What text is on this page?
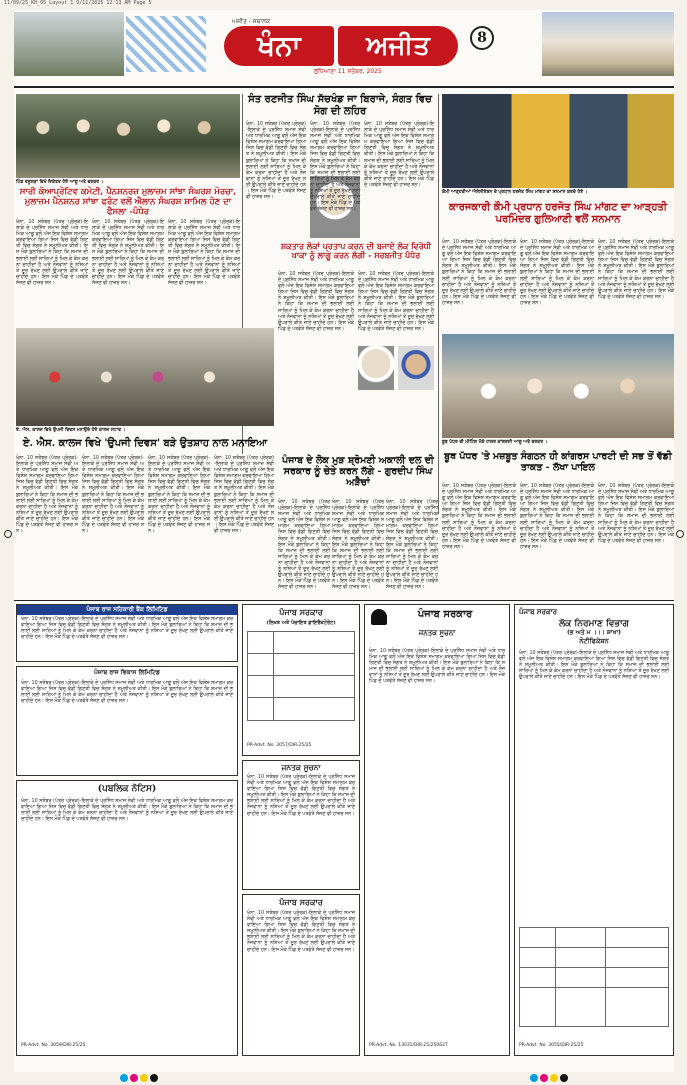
11/09/25_KH_05_Layout 1 9/11/2025 12:13 AM Page 5
ਅਜੀਤ - ਸਥਾਨਕ
ਖੰਨਾ	ਅਜੀਤ
ਲੁਧਿਆਣਾ 11 ਸਤੰਬਰ, 2025
8
ਪਿੰਡ ਰਸੂਲੜਾ ਵਿਖੇ ਇਕੱਤਰ ਹੋਏ ਆਗੂ ਅਤੇ ਵਰਕਰ ।
ਸੰਤ ਰਣਜੀਤ ਸਿੰਘ ਸੱਚਖੰਡ ਜਾ ਬਿਰਾਜੇ, ਸੰਗਤ ਵਿਚ ਸੋਗ ਦੀ ਲਹਿਰ
ਖੰਨਾ, 10 ਸਤੰਬਰ (ਪੱਤਰ ਪ੍ਰੇਰਕ)-ਇਲਾਕੇ ਦੇ ਪ੍ਰਸਿੱਧ ਸਮਾਜ ਸੇਵੀ ਅਤੇ ਧਾਰਮਿਕ ਆਗੂ ਵਲੋਂ ਅੱਜ ਇਕ ਵਿਸ਼ੇਸ਼ ਸਮਾਗਮ ਕਰਵਾਇਆ ਗਿਆ ਜਿਸ ਵਿਚ ਵੱਡੀ ਗਿਣਤੀ ਵਿਚ ਸੰਗਤ ਨੇ ਸ਼ਮੂਲੀਅਤ ਕੀਤੀ। ਇਸ ਮੌਕੇ ਬੁਲਾਰਿਆਂ ਨੇ ਕਿਹਾ ਕਿ ਸਮਾਜ ਦੀ ਭਲਾਈ ਲਈ ਸਾਰਿਆਂ ਨੂੰ ਮਿਲ ਕੇ ਕੰਮ ਕਰਨਾ ਚਾਹੀਦਾ ਹੈ ਅਤੇ ਨੌਜਵਾਨਾਂ ਨੂੰ ਨਸ਼ਿਆਂ ਤੋਂ ਦੂਰ ਰੱਖਣ ਲਈ ਉਪਰਾਲੇ ਕੀਤੇ ਜਾਣੇ ਚਾਹੀਦੇ ਹਨ। ਇਸ ਮੌਕੇ ਪਿੰਡ ਦੇ ਪਤਵੰਤੇ ਸੱਜਣ ਵੀ ਹਾਜ਼ਰ ਸਨ।
ਖੰਨਾ, 10 ਸਤੰਬਰ (ਪੱਤਰ ਪ੍ਰੇਰਕ)-ਇਲਾਕੇ ਦੇ ਪ੍ਰਸਿੱਧ ਸਮਾਜ ਸੇਵੀ ਅਤੇ ਧਾਰਮਿਕ ਆਗੂ ਵਲੋਂ ਅੱਜ ਇਕ ਵਿਸ਼ੇਸ਼ ਸਮਾਗਮ ਕਰਵਾਇਆ ਗਿਆ ਜਿਸ ਵਿਚ ਵੱਡੀ ਗਿਣਤੀ ਵਿਚ ਸੰਗਤ ਨੇ ਸ਼ਮੂਲੀਅਤ ਕੀਤੀ। ਇਸ ਮੌਕੇ ਬੁਲਾਰਿਆਂ ਨੇ ਕਿਹਾ ਕਿ ਸਮਾਜ ਦੀ ਭਲਾਈ ਲਈ ਸਾਰਿਆਂ ਨੂੰ ਮਿਲ ਕੇ ਕੰਮ ਕਰਨਾ ਚਾਹੀਦਾ ਹੈ ਅਤੇ ਨੌਜਵਾਨਾਂ ਨੂੰ ਨਸ਼ਿਆਂ ਤੋਂ ਦੂਰ ਰੱਖਣ ਲਈ ਉਪਰਾਲੇ ਕੀਤੇ ਜਾਣੇ ਚਾਹੀਦੇ ਹਨ। ਇਸ ਮੌਕੇ ਪਿੰਡ ਦੇ ਪਤਵੰਤੇ ਸੱਜਣ ਵੀ ਹਾਜ਼ਰ ਸਨ।
ਖੰਨਾ, 10 ਸਤੰਬਰ (ਪੱਤਰ ਪ੍ਰੇਰਕ)-ਇਲਾਕੇ ਦੇ ਪ੍ਰਸਿੱਧ ਸਮਾਜ ਸੇਵੀ ਅਤੇ ਧਾਰਮਿਕ ਆਗੂ ਵਲੋਂ ਅੱਜ ਇਕ ਵਿਸ਼ੇਸ਼ ਸਮਾਗਮ ਕਰਵਾਇਆ ਗਿਆ ਜਿਸ ਵਿਚ ਵੱਡੀ ਗਿਣਤੀ ਵਿਚ ਸੰਗਤ ਨੇ ਸ਼ਮੂਲੀਅਤ ਕੀਤੀ। ਇਸ ਮੌਕੇ ਬੁਲਾਰਿਆਂ ਨੇ ਕਿਹਾ ਕਿ ਸਮਾਜ ਦੀ ਭਲਾਈ ਲਈ ਸਾਰਿਆਂ ਨੂੰ ਮਿਲ ਕੇ ਕੰਮ ਕਰਨਾ ਚਾਹੀਦਾ ਹੈ ਅਤੇ ਨੌਜਵਾਨਾਂ ਨੂੰ ਨਸ਼ਿਆਂ ਤੋਂ ਦੂਰ ਰੱਖਣ ਲਈ ਉਪਰਾਲੇ ਕੀਤੇ ਜਾਣੇ ਚਾਹੀਦੇ ਹਨ। ਇਸ ਮੌਕੇ ਪਿੰਡ ਦੇ ਪਤਵੰਤੇ ਸੱਜਣ ਵੀ ਹਾਜ਼ਰ ਸਨ।
ਸਾਰੀ ਕੋਆਪ੍ਰੇਟਿਵ ਕਮੇਟੀ, ਪੈਨਸ਼ਨਰਜ਼ ਮੁਲਾਜ਼ਮ ਸਾਂਝਾ ਸੰਘਰਸ਼ ਮੋਰਚਾ, ਮੁਲਾਜ਼ਮ ਪੈਨਸ਼ਨਰ ਸਾਂਝਾ ਫਰੰਟ ਵਲੋਂ ਐਲਾਨ ਸੰਘਰਸ਼ ਸ਼ਾਮਿਲ ਹੋਣ ਦਾ ਫੈਸਲਾ -ਪੰਧੇਰ
ਖੰਨਾ, 10 ਸਤੰਬਰ (ਪੱਤਰ ਪ੍ਰੇਰਕ)-ਇਲਾਕੇ ਦੇ ਪ੍ਰਸਿੱਧ ਸਮਾਜ ਸੇਵੀ ਅਤੇ ਧਾਰਮਿਕ ਆਗੂ ਵਲੋਂ ਅੱਜ ਇਕ ਵਿਸ਼ੇਸ਼ ਸਮਾਗਮ ਕਰਵਾਇਆ ਗਿਆ ਜਿਸ ਵਿਚ ਵੱਡੀ ਗਿਣਤੀ ਵਿਚ ਸੰਗਤ ਨੇ ਸ਼ਮੂਲੀਅਤ ਕੀਤੀ। ਇਸ ਮੌਕੇ ਬੁਲਾਰਿਆਂ ਨੇ ਕਿਹਾ ਕਿ ਸਮਾਜ ਦੀ ਭਲਾਈ ਲਈ ਸਾਰਿਆਂ ਨੂੰ ਮਿਲ ਕੇ ਕੰਮ ਕਰਨਾ ਚਾਹੀਦਾ ਹੈ ਅਤੇ ਨੌਜਵਾਨਾਂ ਨੂੰ ਨਸ਼ਿਆਂ ਤੋਂ ਦੂਰ ਰੱਖਣ ਲਈ ਉਪਰਾਲੇ ਕੀਤੇ ਜਾਣੇ ਚਾਹੀਦੇ ਹਨ। ਇਸ ਮੌਕੇ ਪਿੰਡ ਦੇ ਪਤਵੰਤੇ ਸੱਜਣ ਵੀ ਹਾਜ਼ਰ ਸਨ।
ਖੰਨਾ, 10 ਸਤੰਬਰ (ਪੱਤਰ ਪ੍ਰੇਰਕ)-ਇਲਾਕੇ ਦੇ ਪ੍ਰਸਿੱਧ ਸਮਾਜ ਸੇਵੀ ਅਤੇ ਧਾਰਮਿਕ ਆਗੂ ਵਲੋਂ ਅੱਜ ਇਕ ਵਿਸ਼ੇਸ਼ ਸਮਾਗਮ ਕਰਵਾਇਆ ਗਿਆ ਜਿਸ ਵਿਚ ਵੱਡੀ ਗਿਣਤੀ ਵਿਚ ਸੰਗਤ ਨੇ ਸ਼ਮੂਲੀਅਤ ਕੀਤੀ। ਇਸ ਮੌਕੇ ਬੁਲਾਰਿਆਂ ਨੇ ਕਿਹਾ ਕਿ ਸਮਾਜ ਦੀ ਭਲਾਈ ਲਈ ਸਾਰਿਆਂ ਨੂੰ ਮਿਲ ਕੇ ਕੰਮ ਕਰਨਾ ਚਾਹੀਦਾ ਹੈ ਅਤੇ ਨੌਜਵਾਨਾਂ ਨੂੰ ਨਸ਼ਿਆਂ ਤੋਂ ਦੂਰ ਰੱਖਣ ਲਈ ਉਪਰਾਲੇ ਕੀਤੇ ਜਾਣੇ ਚਾਹੀਦੇ ਹਨ। ਇਸ ਮੌਕੇ ਪਿੰਡ ਦੇ ਪਤਵੰਤੇ ਸੱਜਣ ਵੀ ਹਾਜ਼ਰ ਸਨ।
ਖੰਨਾ, 10 ਸਤੰਬਰ (ਪੱਤਰ ਪ੍ਰੇਰਕ)-ਇਲਾਕੇ ਦੇ ਪ੍ਰਸਿੱਧ ਸਮਾਜ ਸੇਵੀ ਅਤੇ ਧਾਰਮਿਕ ਆਗੂ ਵਲੋਂ ਅੱਜ ਇਕ ਵਿਸ਼ੇਸ਼ ਸਮਾਗਮ ਕਰਵਾਇਆ ਗਿਆ ਜਿਸ ਵਿਚ ਵੱਡੀ ਗਿਣਤੀ ਵਿਚ ਸੰਗਤ ਨੇ ਸ਼ਮੂਲੀਅਤ ਕੀਤੀ। ਇਸ ਮੌਕੇ ਬੁਲਾਰਿਆਂ ਨੇ ਕਿਹਾ ਕਿ ਸਮਾਜ ਦੀ ਭਲਾਈ ਲਈ ਸਾਰਿਆਂ ਨੂੰ ਮਿਲ ਕੇ ਕੰਮ ਕਰਨਾ ਚਾਹੀਦਾ ਹੈ ਅਤੇ ਨੌਜਵਾਨਾਂ ਨੂੰ ਨਸ਼ਿਆਂ ਤੋਂ ਦੂਰ ਰੱਖਣ ਲਈ ਉਪਰਾਲੇ ਕੀਤੇ ਜਾਣੇ ਚਾਹੀਦੇ ਹਨ। ਇਸ ਮੌਕੇ ਪਿੰਡ ਦੇ ਪਤਵੰਤੇ ਸੱਜਣ ਵੀ ਹਾਜ਼ਰ ਸਨ।
ਏ. ਐਸ. ਕਾਲਜ ਵਿਖੇ ਉਪਜੀ ਦਿਵਸ ਮਨਾਉਂਦੇ ਹੋਏ ਕਾਲਜ ਸਟਾਫ ।
ਸ਼ਕਤਾਰ ਲੋਕਾਂ ਪ੍ਰਤਾਪ ਕਰਨ ਦੀ ਬਜਾਏ ਲੋਕ ਵਿਰੋਧੀ ਖਾਕਾ ਨੂੰ ਲਾਗੂ ਕਰਨ ਲੱਗੀ - ਸਰਬਜੀਤ ਪੰਧੇਰ
ਖੰਨਾ, 10 ਸਤੰਬਰ (ਪੱਤਰ ਪ੍ਰੇਰਕ)-ਇਲਾਕੇ ਦੇ ਪ੍ਰਸਿੱਧ ਸਮਾਜ ਸੇਵੀ ਅਤੇ ਧਾਰਮਿਕ ਆਗੂ ਵਲੋਂ ਅੱਜ ਇਕ ਵਿਸ਼ੇਸ਼ ਸਮਾਗਮ ਕਰਵਾਇਆ ਗਿਆ ਜਿਸ ਵਿਚ ਵੱਡੀ ਗਿਣਤੀ ਵਿਚ ਸੰਗਤ ਨੇ ਸ਼ਮੂਲੀਅਤ ਕੀਤੀ। ਇਸ ਮੌਕੇ ਬੁਲਾਰਿਆਂ ਨੇ ਕਿਹਾ ਕਿ ਸਮਾਜ ਦੀ ਭਲਾਈ ਲਈ ਸਾਰਿਆਂ ਨੂੰ ਮਿਲ ਕੇ ਕੰਮ ਕਰਨਾ ਚਾਹੀਦਾ ਹੈ ਅਤੇ ਨੌਜਵਾਨਾਂ ਨੂੰ ਨਸ਼ਿਆਂ ਤੋਂ ਦੂਰ ਰੱਖਣ ਲਈ ਉਪਰਾਲੇ ਕੀਤੇ ਜਾਣੇ ਚਾਹੀਦੇ ਹਨ। ਇਸ ਮੌਕੇ ਪਿੰਡ ਦੇ ਪਤਵੰਤੇ ਸੱਜਣ ਵੀ ਹਾਜ਼ਰ ਸਨ।
ਖੰਨਾ, 10 ਸਤੰਬਰ (ਪੱਤਰ ਪ੍ਰੇਰਕ)-ਇਲਾਕੇ ਦੇ ਪ੍ਰਸਿੱਧ ਸਮਾਜ ਸੇਵੀ ਅਤੇ ਧਾਰਮਿਕ ਆਗੂ ਵਲੋਂ ਅੱਜ ਇਕ ਵਿਸ਼ੇਸ਼ ਸਮਾਗਮ ਕਰਵਾਇਆ ਗਿਆ ਜਿਸ ਵਿਚ ਵੱਡੀ ਗਿਣਤੀ ਵਿਚ ਸੰਗਤ ਨੇ ਸ਼ਮੂਲੀਅਤ ਕੀਤੀ। ਇਸ ਮੌਕੇ ਬੁਲਾਰਿਆਂ ਨੇ ਕਿਹਾ ਕਿ ਸਮਾਜ ਦੀ ਭਲਾਈ ਲਈ ਸਾਰਿਆਂ ਨੂੰ ਮਿਲ ਕੇ ਕੰਮ ਕਰਨਾ ਚਾਹੀਦਾ ਹੈ ਅਤੇ ਨੌਜਵਾਨਾਂ ਨੂੰ ਨਸ਼ਿਆਂ ਤੋਂ ਦੂਰ ਰੱਖਣ ਲਈ ਉਪਰਾਲੇ ਕੀਤੇ ਜਾਣੇ ਚਾਹੀਦੇ ਹਨ। ਇਸ ਮੌਕੇ ਪਿੰਡ ਦੇ ਪਤਵੰਤੇ ਸੱਜਣ ਵੀ ਹਾਜ਼ਰ ਸਨ।
ਕੌਮੀ ਆੜ੍ਹਤੀਆਂ ਐਸੋਸੀਏਸ਼ਨ ਦੇ ਪ੍ਰਧਾਨ ਹਰਜੋਤ ਸਿੰਘ ਮਾਂਗਟ ਦਾ ਸਨਮਾਨ ਕਰਦੇ ਹੋਏ ।
ਕਾਰਜਕਾਰੀ ਕੌਮੀ ਪ੍ਰਧਾਨ ਹਰਜੋਤ ਸਿੰਘ ਮਾਂਗਟ ਦਾ ਆੜ੍ਹਤੀ ਪਰਮਿੰਦਰ ਗੁਲਿਆਣੀ ਵਲੋਂ ਸਨਮਾਨ
ਖੰਨਾ, 10 ਸਤੰਬਰ (ਪੱਤਰ ਪ੍ਰੇਰਕ)-ਇਲਾਕੇ ਦੇ ਪ੍ਰਸਿੱਧ ਸਮਾਜ ਸੇਵੀ ਅਤੇ ਧਾਰਮਿਕ ਆਗੂ ਵਲੋਂ ਅੱਜ ਇਕ ਵਿਸ਼ੇਸ਼ ਸਮਾਗਮ ਕਰਵਾਇਆ ਗਿਆ ਜਿਸ ਵਿਚ ਵੱਡੀ ਗਿਣਤੀ ਵਿਚ ਸੰਗਤ ਨੇ ਸ਼ਮੂਲੀਅਤ ਕੀਤੀ। ਇਸ ਮੌਕੇ ਬੁਲਾਰਿਆਂ ਨੇ ਕਿਹਾ ਕਿ ਸਮਾਜ ਦੀ ਭਲਾਈ ਲਈ ਸਾਰਿਆਂ ਨੂੰ ਮਿਲ ਕੇ ਕੰਮ ਕਰਨਾ ਚਾਹੀਦਾ ਹੈ ਅਤੇ ਨੌਜਵਾਨਾਂ ਨੂੰ ਨਸ਼ਿਆਂ ਤੋਂ ਦੂਰ ਰੱਖਣ ਲਈ ਉਪਰਾਲੇ ਕੀਤੇ ਜਾਣੇ ਚਾਹੀਦੇ ਹਨ। ਇਸ ਮੌਕੇ ਪਿੰਡ ਦੇ ਪਤਵੰਤੇ ਸੱਜਣ ਵੀ ਹਾਜ਼ਰ ਸਨ।
ਖੰਨਾ, 10 ਸਤੰਬਰ (ਪੱਤਰ ਪ੍ਰੇਰਕ)-ਇਲਾਕੇ ਦੇ ਪ੍ਰਸਿੱਧ ਸਮਾਜ ਸੇਵੀ ਅਤੇ ਧਾਰਮਿਕ ਆਗੂ ਵਲੋਂ ਅੱਜ ਇਕ ਵਿਸ਼ੇਸ਼ ਸਮਾਗਮ ਕਰਵਾਇਆ ਗਿਆ ਜਿਸ ਵਿਚ ਵੱਡੀ ਗਿਣਤੀ ਵਿਚ ਸੰਗਤ ਨੇ ਸ਼ਮੂਲੀਅਤ ਕੀਤੀ। ਇਸ ਮੌਕੇ ਬੁਲਾਰਿਆਂ ਨੇ ਕਿਹਾ ਕਿ ਸਮਾਜ ਦੀ ਭਲਾਈ ਲਈ ਸਾਰਿਆਂ ਨੂੰ ਮਿਲ ਕੇ ਕੰਮ ਕਰਨਾ ਚਾਹੀਦਾ ਹੈ ਅਤੇ ਨੌਜਵਾਨਾਂ ਨੂੰ ਨਸ਼ਿਆਂ ਤੋਂ ਦੂਰ ਰੱਖਣ ਲਈ ਉਪਰਾਲੇ ਕੀਤੇ ਜਾਣੇ ਚਾਹੀਦੇ ਹਨ। ਇਸ ਮੌਕੇ ਪਿੰਡ ਦੇ ਪਤਵੰਤੇ ਸੱਜਣ ਵੀ ਹਾਜ਼ਰ ਸਨ।
ਖੰਨਾ, 10 ਸਤੰਬਰ (ਪੱਤਰ ਪ੍ਰੇਰਕ)-ਇਲਾਕੇ ਦੇ ਪ੍ਰਸਿੱਧ ਸਮਾਜ ਸੇਵੀ ਅਤੇ ਧਾਰਮਿਕ ਆਗੂ ਵਲੋਂ ਅੱਜ ਇਕ ਵਿਸ਼ੇਸ਼ ਸਮਾਗਮ ਕਰਵਾਇਆ ਗਿਆ ਜਿਸ ਵਿਚ ਵੱਡੀ ਗਿਣਤੀ ਵਿਚ ਸੰਗਤ ਨੇ ਸ਼ਮੂਲੀਅਤ ਕੀਤੀ। ਇਸ ਮੌਕੇ ਬੁਲਾਰਿਆਂ ਨੇ ਕਿਹਾ ਕਿ ਸਮਾਜ ਦੀ ਭਲਾਈ ਲਈ ਸਾਰਿਆਂ ਨੂੰ ਮਿਲ ਕੇ ਕੰਮ ਕਰਨਾ ਚਾਹੀਦਾ ਹੈ ਅਤੇ ਨੌਜਵਾਨਾਂ ਨੂੰ ਨਸ਼ਿਆਂ ਤੋਂ ਦੂਰ ਰੱਖਣ ਲਈ ਉਪਰਾਲੇ ਕੀਤੇ ਜਾਣੇ ਚਾਹੀਦੇ ਹਨ। ਇਸ ਮੌਕੇ ਪਿੰਡ ਦੇ ਪਤਵੰਤੇ ਸੱਜਣ ਵੀ ਹਾਜ਼ਰ ਸਨ।
ਬੂਥ ਪੱਧਰ ਦੀ ਮੀਟਿੰਗ ਮੌਕੇ ਹਾਜ਼ਰ ਕਾਂਗਰਸੀ ਆਗੂ ਅਤੇ ਵਰਕਰ ।
ਏ. ਐਸ. ਕਾਲਜ ਵਿਖੇ 'ਉਪਜੀ ਦਿਵਸ' ਬੜੇ ਉਤਸ਼ਾਹ ਨਾਲ ਮਨਾਇਆ
ਖੰਨਾ, 10 ਸਤੰਬਰ (ਪੱਤਰ ਪ੍ਰੇਰਕ)-ਇਲਾਕੇ ਦੇ ਪ੍ਰਸਿੱਧ ਸਮਾਜ ਸੇਵੀ ਅਤੇ ਧਾਰਮਿਕ ਆਗੂ ਵਲੋਂ ਅੱਜ ਇਕ ਵਿਸ਼ੇਸ਼ ਸਮਾਗਮ ਕਰਵਾਇਆ ਗਿਆ ਜਿਸ ਵਿਚ ਵੱਡੀ ਗਿਣਤੀ ਵਿਚ ਸੰਗਤ ਨੇ ਸ਼ਮੂਲੀਅਤ ਕੀਤੀ। ਇਸ ਮੌਕੇ ਬੁਲਾਰਿਆਂ ਨੇ ਕਿਹਾ ਕਿ ਸਮਾਜ ਦੀ ਭਲਾਈ ਲਈ ਸਾਰਿਆਂ ਨੂੰ ਮਿਲ ਕੇ ਕੰਮ ਕਰਨਾ ਚਾਹੀਦਾ ਹੈ ਅਤੇ ਨੌਜਵਾਨਾਂ ਨੂੰ ਨਸ਼ਿਆਂ ਤੋਂ ਦੂਰ ਰੱਖਣ ਲਈ ਉਪਰਾਲੇ ਕੀਤੇ ਜਾਣੇ ਚਾਹੀਦੇ ਹਨ। ਇਸ ਮੌਕੇ ਪਿੰਡ ਦੇ ਪਤਵੰਤੇ ਸੱਜਣ ਵੀ ਹਾਜ਼ਰ ਸਨ।
ਖੰਨਾ, 10 ਸਤੰਬਰ (ਪੱਤਰ ਪ੍ਰੇਰਕ)-ਇਲਾਕੇ ਦੇ ਪ੍ਰਸਿੱਧ ਸਮਾਜ ਸੇਵੀ ਅਤੇ ਧਾਰਮਿਕ ਆਗੂ ਵਲੋਂ ਅੱਜ ਇਕ ਵਿਸ਼ੇਸ਼ ਸਮਾਗਮ ਕਰਵਾਇਆ ਗਿਆ ਜਿਸ ਵਿਚ ਵੱਡੀ ਗਿਣਤੀ ਵਿਚ ਸੰਗਤ ਨੇ ਸ਼ਮੂਲੀਅਤ ਕੀਤੀ। ਇਸ ਮੌਕੇ ਬੁਲਾਰਿਆਂ ਨੇ ਕਿਹਾ ਕਿ ਸਮਾਜ ਦੀ ਭਲਾਈ ਲਈ ਸਾਰਿਆਂ ਨੂੰ ਮਿਲ ਕੇ ਕੰਮ ਕਰਨਾ ਚਾਹੀਦਾ ਹੈ ਅਤੇ ਨੌਜਵਾਨਾਂ ਨੂੰ ਨਸ਼ਿਆਂ ਤੋਂ ਦੂਰ ਰੱਖਣ ਲਈ ਉਪਰਾਲੇ ਕੀਤੇ ਜਾਣੇ ਚਾਹੀਦੇ ਹਨ। ਇਸ ਮੌਕੇ ਪਿੰਡ ਦੇ ਪਤਵੰਤੇ ਸੱਜਣ ਵੀ ਹਾਜ਼ਰ ਸਨ।
ਖੰਨਾ, 10 ਸਤੰਬਰ (ਪੱਤਰ ਪ੍ਰੇਰਕ)-ਇਲਾਕੇ ਦੇ ਪ੍ਰਸਿੱਧ ਸਮਾਜ ਸੇਵੀ ਅਤੇ ਧਾਰਮਿਕ ਆਗੂ ਵਲੋਂ ਅੱਜ ਇਕ ਵਿਸ਼ੇਸ਼ ਸਮਾਗਮ ਕਰਵਾਇਆ ਗਿਆ ਜਿਸ ਵਿਚ ਵੱਡੀ ਗਿਣਤੀ ਵਿਚ ਸੰਗਤ ਨੇ ਸ਼ਮੂਲੀਅਤ ਕੀਤੀ। ਇਸ ਮੌਕੇ ਬੁਲਾਰਿਆਂ ਨੇ ਕਿਹਾ ਕਿ ਸਮਾਜ ਦੀ ਭਲਾਈ ਲਈ ਸਾਰਿਆਂ ਨੂੰ ਮਿਲ ਕੇ ਕੰਮ ਕਰਨਾ ਚਾਹੀਦਾ ਹੈ ਅਤੇ ਨੌਜਵਾਨਾਂ ਨੂੰ ਨਸ਼ਿਆਂ ਤੋਂ ਦੂਰ ਰੱਖਣ ਲਈ ਉਪਰਾਲੇ ਕੀਤੇ ਜਾਣੇ ਚਾਹੀਦੇ ਹਨ। ਇਸ ਮੌਕੇ ਪਿੰਡ ਦੇ ਪਤਵੰਤੇ ਸੱਜਣ ਵੀ ਹਾਜ਼ਰ ਸਨ।
ਖੰਨਾ, 10 ਸਤੰਬਰ (ਪੱਤਰ ਪ੍ਰੇਰਕ)-ਇਲਾਕੇ ਦੇ ਪ੍ਰਸਿੱਧ ਸਮਾਜ ਸੇਵੀ ਅਤੇ ਧਾਰਮਿਕ ਆਗੂ ਵਲੋਂ ਅੱਜ ਇਕ ਵਿਸ਼ੇਸ਼ ਸਮਾਗਮ ਕਰਵਾਇਆ ਗਿਆ ਜਿਸ ਵਿਚ ਵੱਡੀ ਗਿਣਤੀ ਵਿਚ ਸੰਗਤ ਨੇ ਸ਼ਮੂਲੀਅਤ ਕੀਤੀ। ਇਸ ਮੌਕੇ ਬੁਲਾਰਿਆਂ ਨੇ ਕਿਹਾ ਕਿ ਸਮਾਜ ਦੀ ਭਲਾਈ ਲਈ ਸਾਰਿਆਂ ਨੂੰ ਮਿਲ ਕੇ ਕੰਮ ਕਰਨਾ ਚਾਹੀਦਾ ਹੈ ਅਤੇ ਨੌਜਵਾਨਾਂ ਨੂੰ ਨਸ਼ਿਆਂ ਤੋਂ ਦੂਰ ਰੱਖਣ ਲਈ ਉਪਰਾਲੇ ਕੀਤੇ ਜਾਣੇ ਚਾਹੀਦੇ ਹਨ। ਇਸ ਮੌਕੇ ਪਿੰਡ ਦੇ ਪਤਵੰਤੇ ਸੱਜਣ ਵੀ ਹਾਜ਼ਰ ਸਨ।
ਬੂਥ ਪੱਧਰ 'ਤੇ ਮਜ਼ਬੂਤ ਸੰਗਠਨ ਹੀ ਕਾਂਗਰਸ ਪਾਰਟੀ ਦੀ ਸਭ ਤੋਂ ਵੱਡੀ ਤਾਕਤ - ਲੱਖਾ ਪਾਇਲ
ਖੰਨਾ, 10 ਸਤੰਬਰ (ਪੱਤਰ ਪ੍ਰੇਰਕ)-ਇਲਾਕੇ ਦੇ ਪ੍ਰਸਿੱਧ ਸਮਾਜ ਸੇਵੀ ਅਤੇ ਧਾਰਮਿਕ ਆਗੂ ਵਲੋਂ ਅੱਜ ਇਕ ਵਿਸ਼ੇਸ਼ ਸਮਾਗਮ ਕਰਵਾਇਆ ਗਿਆ ਜਿਸ ਵਿਚ ਵੱਡੀ ਗਿਣਤੀ ਵਿਚ ਸੰਗਤ ਨੇ ਸ਼ਮੂਲੀਅਤ ਕੀਤੀ। ਇਸ ਮੌਕੇ ਬੁਲਾਰਿਆਂ ਨੇ ਕਿਹਾ ਕਿ ਸਮਾਜ ਦੀ ਭਲਾਈ ਲਈ ਸਾਰਿਆਂ ਨੂੰ ਮਿਲ ਕੇ ਕੰਮ ਕਰਨਾ ਚਾਹੀਦਾ ਹੈ ਅਤੇ ਨੌਜਵਾਨਾਂ ਨੂੰ ਨਸ਼ਿਆਂ ਤੋਂ ਦੂਰ ਰੱਖਣ ਲਈ ਉਪਰਾਲੇ ਕੀਤੇ ਜਾਣੇ ਚਾਹੀਦੇ ਹਨ। ਇਸ ਮੌਕੇ ਪਿੰਡ ਦੇ ਪਤਵੰਤੇ ਸੱਜਣ ਵੀ ਹਾਜ਼ਰ ਸਨ।
ਖੰਨਾ, 10 ਸਤੰਬਰ (ਪੱਤਰ ਪ੍ਰੇਰਕ)-ਇਲਾਕੇ ਦੇ ਪ੍ਰਸਿੱਧ ਸਮਾਜ ਸੇਵੀ ਅਤੇ ਧਾਰਮਿਕ ਆਗੂ ਵਲੋਂ ਅੱਜ ਇਕ ਵਿਸ਼ੇਸ਼ ਸਮਾਗਮ ਕਰਵਾਇਆ ਗਿਆ ਜਿਸ ਵਿਚ ਵੱਡੀ ਗਿਣਤੀ ਵਿਚ ਸੰਗਤ ਨੇ ਸ਼ਮੂਲੀਅਤ ਕੀਤੀ। ਇਸ ਮੌਕੇ ਬੁਲਾਰਿਆਂ ਨੇ ਕਿਹਾ ਕਿ ਸਮਾਜ ਦੀ ਭਲਾਈ ਲਈ ਸਾਰਿਆਂ ਨੂੰ ਮਿਲ ਕੇ ਕੰਮ ਕਰਨਾ ਚਾਹੀਦਾ ਹੈ ਅਤੇ ਨੌਜਵਾਨਾਂ ਨੂੰ ਨਸ਼ਿਆਂ ਤੋਂ ਦੂਰ ਰੱਖਣ ਲਈ ਉਪਰਾਲੇ ਕੀਤੇ ਜਾਣੇ ਚਾਹੀਦੇ ਹਨ। ਇਸ ਮੌਕੇ ਪਿੰਡ ਦੇ ਪਤਵੰਤੇ ਸੱਜਣ ਵੀ ਹਾਜ਼ਰ ਸਨ।
ਖੰਨਾ, 10 ਸਤੰਬਰ (ਪੱਤਰ ਪ੍ਰੇਰਕ)-ਇਲਾਕੇ ਦੇ ਪ੍ਰਸਿੱਧ ਸਮਾਜ ਸੇਵੀ ਅਤੇ ਧਾਰਮਿਕ ਆਗੂ ਵਲੋਂ ਅੱਜ ਇਕ ਵਿਸ਼ੇਸ਼ ਸਮਾਗਮ ਕਰਵਾਇਆ ਗਿਆ ਜਿਸ ਵਿਚ ਵੱਡੀ ਗਿਣਤੀ ਵਿਚ ਸੰਗਤ ਨੇ ਸ਼ਮੂਲੀਅਤ ਕੀਤੀ। ਇਸ ਮੌਕੇ ਬੁਲਾਰਿਆਂ ਨੇ ਕਿਹਾ ਕਿ ਸਮਾਜ ਦੀ ਭਲਾਈ ਲਈ ਸਾਰਿਆਂ ਨੂੰ ਮਿਲ ਕੇ ਕੰਮ ਕਰਨਾ ਚਾਹੀਦਾ ਹੈ ਅਤੇ ਨੌਜਵਾਨਾਂ ਨੂੰ ਨਸ਼ਿਆਂ ਤੋਂ ਦੂਰ ਰੱਖਣ ਲਈ ਉਪਰਾਲੇ ਕੀਤੇ ਜਾਣੇ ਚਾਹੀਦੇ ਹਨ। ਇਸ ਮੌਕੇ ਪਿੰਡ ਦੇ ਪਤਵੰਤੇ ਸੱਜਣ ਵੀ ਹਾਜ਼ਰ ਸਨ।
ਪੰਜਾਬ ਦੇ ਲੋਕ ਮੁੜ ਸ਼੍ਰੋਮਣੀ ਅਕਾਲੀ ਦਲ ਦੀ ਸਰਕਾਰ ਨੂੰ ਚੇਤੇ ਕਰਨ ਲੱਗੇ - ਗੁਰਦੀਪ ਸਿੰਘ ਅੜੈਚਾਂ
ਖੰਨਾ, 10 ਸਤੰਬਰ (ਪੱਤਰ ਪ੍ਰੇਰਕ)-ਇਲਾਕੇ ਦੇ ਪ੍ਰਸਿੱਧ ਸਮਾਜ ਸੇਵੀ ਅਤੇ ਧਾਰਮਿਕ ਆਗੂ ਵਲੋਂ ਅੱਜ ਇਕ ਵਿਸ਼ੇਸ਼ ਸਮਾਗਮ ਕਰਵਾਇਆ ਗਿਆ ਜਿਸ ਵਿਚ ਵੱਡੀ ਗਿਣਤੀ ਵਿਚ ਸੰਗਤ ਨੇ ਸ਼ਮੂਲੀਅਤ ਕੀਤੀ। ਇਸ ਮੌਕੇ ਬੁਲਾਰਿਆਂ ਨੇ ਕਿਹਾ ਕਿ ਸਮਾਜ ਦੀ ਭਲਾਈ ਲਈ ਸਾਰਿਆਂ ਨੂੰ ਮਿਲ ਕੇ ਕੰਮ ਕਰਨਾ ਚਾਹੀਦਾ ਹੈ ਅਤੇ ਨੌਜਵਾਨਾਂ ਨੂੰ ਨਸ਼ਿਆਂ ਤੋਂ ਦੂਰ ਰੱਖਣ ਲਈ ਉਪਰਾਲੇ ਕੀਤੇ ਜਾਣੇ ਚਾਹੀਦੇ ਹਨ। ਇਸ ਮੌਕੇ ਪਿੰਡ ਦੇ ਪਤਵੰਤੇ ਸੱਜਣ ਵੀ ਹਾਜ਼ਰ ਸਨ।
ਖੰਨਾ, 10 ਸਤੰਬਰ (ਪੱਤਰ ਪ੍ਰੇਰਕ)-ਇਲਾਕੇ ਦੇ ਪ੍ਰਸਿੱਧ ਸਮਾਜ ਸੇਵੀ ਅਤੇ ਧਾਰਮਿਕ ਆਗੂ ਵਲੋਂ ਅੱਜ ਇਕ ਵਿਸ਼ੇਸ਼ ਸਮਾਗਮ ਕਰਵਾਇਆ ਗਿਆ ਜਿਸ ਵਿਚ ਵੱਡੀ ਗਿਣਤੀ ਵਿਚ ਸੰਗਤ ਨੇ ਸ਼ਮੂਲੀਅਤ ਕੀਤੀ। ਇਸ ਮੌਕੇ ਬੁਲਾਰਿਆਂ ਨੇ ਕਿਹਾ ਕਿ ਸਮਾਜ ਦੀ ਭਲਾਈ ਲਈ ਸਾਰਿਆਂ ਨੂੰ ਮਿਲ ਕੇ ਕੰਮ ਕਰਨਾ ਚਾਹੀਦਾ ਹੈ ਅਤੇ ਨੌਜਵਾਨਾਂ ਨੂੰ ਨਸ਼ਿਆਂ ਤੋਂ ਦੂਰ ਰੱਖਣ ਲਈ ਉਪਰਾਲੇ ਕੀਤੇ ਜਾਣੇ ਚਾਹੀਦੇ ਹਨ। ਇਸ ਮੌਕੇ ਪਿੰਡ ਦੇ ਪਤਵੰਤੇ ਸੱਜਣ ਵੀ ਹਾਜ਼ਰ ਸਨ।
ਖੰਨਾ, 10 ਸਤੰਬਰ (ਪੱਤਰ ਪ੍ਰੇਰਕ)-ਇਲਾਕੇ ਦੇ ਪ੍ਰਸਿੱਧ ਸਮਾਜ ਸੇਵੀ ਅਤੇ ਧਾਰਮਿਕ ਆਗੂ ਵਲੋਂ ਅੱਜ ਇਕ ਵਿਸ਼ੇਸ਼ ਸਮਾਗਮ ਕਰਵਾਇਆ ਗਿਆ ਜਿਸ ਵਿਚ ਵੱਡੀ ਗਿਣਤੀ ਵਿਚ ਸੰਗਤ ਨੇ ਸ਼ਮੂਲੀਅਤ ਕੀਤੀ। ਇਸ ਮੌਕੇ ਬੁਲਾਰਿਆਂ ਨੇ ਕਿਹਾ ਕਿ ਸਮਾਜ ਦੀ ਭਲਾਈ ਲਈ ਸਾਰਿਆਂ ਨੂੰ ਮਿਲ ਕੇ ਕੰਮ ਕਰਨਾ ਚਾਹੀਦਾ ਹੈ ਅਤੇ ਨੌਜਵਾਨਾਂ ਨੂੰ ਨਸ਼ਿਆਂ ਤੋਂ ਦੂਰ ਰੱਖਣ ਲਈ ਉਪਰਾਲੇ ਕੀਤੇ ਜਾਣੇ ਚਾਹੀਦੇ ਹਨ। ਇਸ ਮੌਕੇ ਪਿੰਡ ਦੇ ਪਤਵੰਤੇ ਸੱਜਣ ਵੀ ਹਾਜ਼ਰ ਸਨ।
ਪੰਜਾਬ ਰਾਜ ਸਹਿਕਾਰੀ ਬੈਂਕ ਲਿਮਿਟਿਡ
ਖੰਨਾ, 10 ਸਤੰਬਰ (ਪੱਤਰ ਪ੍ਰੇਰਕ)-ਇਲਾਕੇ ਦੇ ਪ੍ਰਸਿੱਧ ਸਮਾਜ ਸੇਵੀ ਅਤੇ ਧਾਰਮਿਕ ਆਗੂ ਵਲੋਂ ਅੱਜ ਇਕ ਵਿਸ਼ੇਸ਼ ਸਮਾਗਮ ਕਰਵਾਇਆ ਗਿਆ ਜਿਸ ਵਿਚ ਵੱਡੀ ਗਿਣਤੀ ਵਿਚ ਸੰਗਤ ਨੇ ਸ਼ਮੂਲੀਅਤ ਕੀਤੀ। ਇਸ ਮੌਕੇ ਬੁਲਾਰਿਆਂ ਨੇ ਕਿਹਾ ਕਿ ਸਮਾਜ ਦੀ ਭਲਾਈ ਲਈ ਸਾਰਿਆਂ ਨੂੰ ਮਿਲ ਕੇ ਕੰਮ ਕਰਨਾ ਚਾਹੀਦਾ ਹੈ ਅਤੇ ਨੌਜਵਾਨਾਂ ਨੂੰ ਨਸ਼ਿਆਂ ਤੋਂ ਦੂਰ ਰੱਖਣ ਲਈ ਉਪਰਾਲੇ ਕੀਤੇ ਜਾਣੇ ਚਾਹੀਦੇ ਹਨ। ਇਸ ਮੌਕੇ ਪਿੰਡ ਦੇ ਪਤਵੰਤੇ ਸੱਜਣ ਵੀ ਹਾਜ਼ਰ ਸਨ।
ਪੰਜਾਬ ਰਾਜ ਵਿਕਾਸ ਲਿਮਿਟਿਡ
ਖੰਨਾ, 10 ਸਤੰਬਰ (ਪੱਤਰ ਪ੍ਰੇਰਕ)-ਇਲਾਕੇ ਦੇ ਪ੍ਰਸਿੱਧ ਸਮਾਜ ਸੇਵੀ ਅਤੇ ਧਾਰਮਿਕ ਆਗੂ ਵਲੋਂ ਅੱਜ ਇਕ ਵਿਸ਼ੇਸ਼ ਸਮਾਗਮ ਕਰਵਾਇਆ ਗਿਆ ਜਿਸ ਵਿਚ ਵੱਡੀ ਗਿਣਤੀ ਵਿਚ ਸੰਗਤ ਨੇ ਸ਼ਮੂਲੀਅਤ ਕੀਤੀ। ਇਸ ਮੌਕੇ ਬੁਲਾਰਿਆਂ ਨੇ ਕਿਹਾ ਕਿ ਸਮਾਜ ਦੀ ਭਲਾਈ ਲਈ ਸਾਰਿਆਂ ਨੂੰ ਮਿਲ ਕੇ ਕੰਮ ਕਰਨਾ ਚਾਹੀਦਾ ਹੈ ਅਤੇ ਨੌਜਵਾਨਾਂ ਨੂੰ ਨਸ਼ਿਆਂ ਤੋਂ ਦੂਰ ਰੱਖਣ ਲਈ ਉਪਰਾਲੇ ਕੀਤੇ ਜਾਣੇ ਚਾਹੀਦੇ ਹਨ। ਇਸ ਮੌਕੇ ਪਿੰਡ ਦੇ ਪਤਵੰਤੇ ਸੱਜਣ ਵੀ ਹਾਜ਼ਰ ਸਨ।
(ਪਬਲਿਕ ਨੋਟਿਸ)
ਖੰਨਾ, 10 ਸਤੰਬਰ (ਪੱਤਰ ਪ੍ਰੇਰਕ)-ਇਲਾਕੇ ਦੇ ਪ੍ਰਸਿੱਧ ਸਮਾਜ ਸੇਵੀ ਅਤੇ ਧਾਰਮਿਕ ਆਗੂ ਵਲੋਂ ਅੱਜ ਇਕ ਵਿਸ਼ੇਸ਼ ਸਮਾਗਮ ਕਰਵਾਇਆ ਗਿਆ ਜਿਸ ਵਿਚ ਵੱਡੀ ਗਿਣਤੀ ਵਿਚ ਸੰਗਤ ਨੇ ਸ਼ਮੂਲੀਅਤ ਕੀਤੀ। ਇਸ ਮੌਕੇ ਬੁਲਾਰਿਆਂ ਨੇ ਕਿਹਾ ਕਿ ਸਮਾਜ ਦੀ ਭਲਾਈ ਲਈ ਸਾਰਿਆਂ ਨੂੰ ਮਿਲ ਕੇ ਕੰਮ ਕਰਨਾ ਚਾਹੀਦਾ ਹੈ ਅਤੇ ਨੌਜਵਾਨਾਂ ਨੂੰ ਨਸ਼ਿਆਂ ਤੋਂ ਦੂਰ ਰੱਖਣ ਲਈ ਉਪਰਾਲੇ ਕੀਤੇ ਜਾਣੇ ਚਾਹੀਦੇ ਹਨ। ਇਸ ਮੌਕੇ ਪਿੰਡ ਦੇ ਪਤਵੰਤੇ ਸੱਜਣ ਵੀ ਹਾਜ਼ਰ ਸਨ।
PR-Advt. No. 3059/DIR-25/25
ਪੰਜਾਬ ਸਰਕਾਰ
(ਲਿਖਤ ਅਤੇ ਪੰਚਾਇਤ ਡਾਇਰੈਕਟੋਰੇਟ)
PR-Advt. No. 3057/DIR-25/25
ਜਨਤਕ ਸੂਚਨਾ
ਖੰਨਾ, 10 ਸਤੰਬਰ (ਪੱਤਰ ਪ੍ਰੇਰਕ)-ਇਲਾਕੇ ਦੇ ਪ੍ਰਸਿੱਧ ਸਮਾਜ ਸੇਵੀ ਅਤੇ ਧਾਰਮਿਕ ਆਗੂ ਵਲੋਂ ਅੱਜ ਇਕ ਵਿਸ਼ੇਸ਼ ਸਮਾਗਮ ਕਰਵਾਇਆ ਗਿਆ ਜਿਸ ਵਿਚ ਵੱਡੀ ਗਿਣਤੀ ਵਿਚ ਸੰਗਤ ਨੇ ਸ਼ਮੂਲੀਅਤ ਕੀਤੀ। ਇਸ ਮੌਕੇ ਬੁਲਾਰਿਆਂ ਨੇ ਕਿਹਾ ਕਿ ਸਮਾਜ ਦੀ ਭਲਾਈ ਲਈ ਸਾਰਿਆਂ ਨੂੰ ਮਿਲ ਕੇ ਕੰਮ ਕਰਨਾ ਚਾਹੀਦਾ ਹੈ ਅਤੇ ਨੌਜਵਾਨਾਂ ਨੂੰ ਨਸ਼ਿਆਂ ਤੋਂ ਦੂਰ ਰੱਖਣ ਲਈ ਉਪਰਾਲੇ ਕੀਤੇ ਜਾਣੇ ਚਾਹੀਦੇ ਹਨ। ਇਸ ਮੌਕੇ ਪਿੰਡ ਦੇ ਪਤਵੰਤੇ ਸੱਜਣ ਵੀ ਹਾਜ਼ਰ ਸਨ।
ਪੰਜਾਬ ਸਰਕਾਰ
ਖੰਨਾ, 10 ਸਤੰਬਰ (ਪੱਤਰ ਪ੍ਰੇਰਕ)-ਇਲਾਕੇ ਦੇ ਪ੍ਰਸਿੱਧ ਸਮਾਜ ਸੇਵੀ ਅਤੇ ਧਾਰਮਿਕ ਆਗੂ ਵਲੋਂ ਅੱਜ ਇਕ ਵਿਸ਼ੇਸ਼ ਸਮਾਗਮ ਕਰਵਾਇਆ ਗਿਆ ਜਿਸ ਵਿਚ ਵੱਡੀ ਗਿਣਤੀ ਵਿਚ ਸੰਗਤ ਨੇ ਸ਼ਮੂਲੀਅਤ ਕੀਤੀ। ਇਸ ਮੌਕੇ ਬੁਲਾਰਿਆਂ ਨੇ ਕਿਹਾ ਕਿ ਸਮਾਜ ਦੀ ਭਲਾਈ ਲਈ ਸਾਰਿਆਂ ਨੂੰ ਮਿਲ ਕੇ ਕੰਮ ਕਰਨਾ ਚਾਹੀਦਾ ਹੈ ਅਤੇ ਨੌਜਵਾਨਾਂ ਨੂੰ ਨਸ਼ਿਆਂ ਤੋਂ ਦੂਰ ਰੱਖਣ ਲਈ ਉਪਰਾਲੇ ਕੀਤੇ ਜਾਣੇ ਚਾਹੀਦੇ ਹਨ। ਇਸ ਮੌਕੇ ਪਿੰਡ ਦੇ ਪਤਵੰਤੇ ਸੱਜਣ ਵੀ ਹਾਜ਼ਰ ਸਨ।
ਪੰਜਾਬ ਸਰਕਾਰ
ਜਨਤਕ ਸੂਚਨਾ
ਖੰਨਾ, 10 ਸਤੰਬਰ (ਪੱਤਰ ਪ੍ਰੇਰਕ)-ਇਲਾਕੇ ਦੇ ਪ੍ਰਸਿੱਧ ਸਮਾਜ ਸੇਵੀ ਅਤੇ ਧਾਰਮਿਕ ਆਗੂ ਵਲੋਂ ਅੱਜ ਇਕ ਵਿਸ਼ੇਸ਼ ਸਮਾਗਮ ਕਰਵਾਇਆ ਗਿਆ ਜਿਸ ਵਿਚ ਵੱਡੀ ਗਿਣਤੀ ਵਿਚ ਸੰਗਤ ਨੇ ਸ਼ਮੂਲੀਅਤ ਕੀਤੀ। ਇਸ ਮੌਕੇ ਬੁਲਾਰਿਆਂ ਨੇ ਕਿਹਾ ਕਿ ਸਮਾਜ ਦੀ ਭਲਾਈ ਲਈ ਸਾਰਿਆਂ ਨੂੰ ਮਿਲ ਕੇ ਕੰਮ ਕਰਨਾ ਚਾਹੀਦਾ ਹੈ ਅਤੇ ਨੌਜਵਾਨਾਂ ਨੂੰ ਨਸ਼ਿਆਂ ਤੋਂ ਦੂਰ ਰੱਖਣ ਲਈ ਉਪਰਾਲੇ ਕੀਤੇ ਜਾਣੇ ਚਾਹੀਦੇ ਹਨ। ਇਸ ਮੌਕੇ ਪਿੰਡ ਦੇ ਪਤਵੰਤੇ ਸੱਜਣ ਵੀ ਹਾਜ਼ਰ ਸਨ।
PR-Advt. No. 13031/DIR-25/250627
ਪੰਜਾਬ ਸਰਕਾਰ
ਲੋਕ ਨਿਰਮਾਣ ਵਿਭਾਗ
(ਭ ਅਤੇ ਮ ।।। ਸ਼ਾਖਾ)
ਨੋਟੀਫਿਕੇਸ਼ਨ
ਖੰਨਾ, 10 ਸਤੰਬਰ (ਪੱਤਰ ਪ੍ਰੇਰਕ)-ਇਲਾਕੇ ਦੇ ਪ੍ਰਸਿੱਧ ਸਮਾਜ ਸੇਵੀ ਅਤੇ ਧਾਰਮਿਕ ਆਗੂ ਵਲੋਂ ਅੱਜ ਇਕ ਵਿਸ਼ੇਸ਼ ਸਮਾਗਮ ਕਰਵਾਇਆ ਗਿਆ ਜਿਸ ਵਿਚ ਵੱਡੀ ਗਿਣਤੀ ਵਿਚ ਸੰਗਤ ਨੇ ਸ਼ਮੂਲੀਅਤ ਕੀਤੀ। ਇਸ ਮੌਕੇ ਬੁਲਾਰਿਆਂ ਨੇ ਕਿਹਾ ਕਿ ਸਮਾਜ ਦੀ ਭਲਾਈ ਲਈ ਸਾਰਿਆਂ ਨੂੰ ਮਿਲ ਕੇ ਕੰਮ ਕਰਨਾ ਚਾਹੀਦਾ ਹੈ ਅਤੇ ਨੌਜਵਾਨਾਂ ਨੂੰ ਨਸ਼ਿਆਂ ਤੋਂ ਦੂਰ ਰੱਖਣ ਲਈ ਉਪਰਾਲੇ ਕੀਤੇ ਜਾਣੇ ਚਾਹੀਦੇ ਹਨ। ਇਸ ਮੌਕੇ ਪਿੰਡ ਦੇ ਪਤਵੰਤੇ ਸੱਜਣ ਵੀ ਹਾਜ਼ਰ ਸਨ।
PR-Advt. No. 3055/DIR-25/25
